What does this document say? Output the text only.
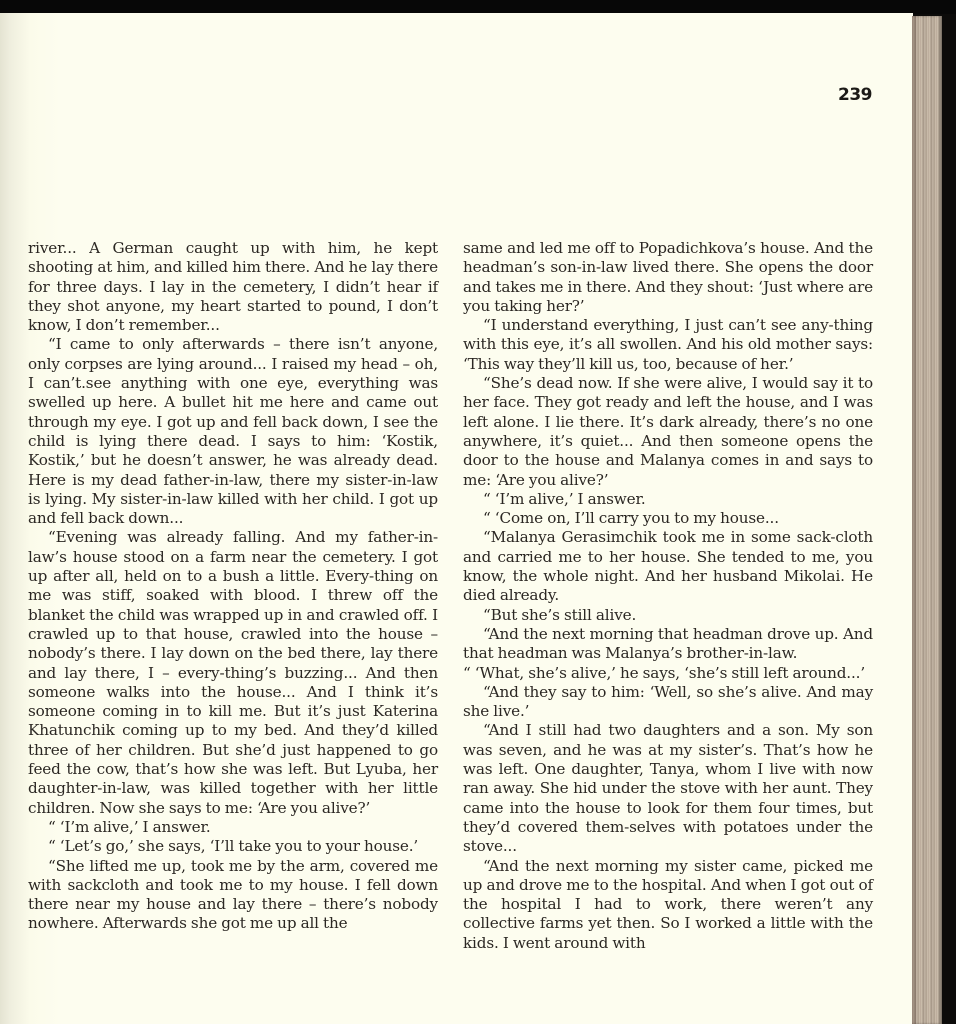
239

river... A German caught up with him, he kept shooting at him, and killed him there. And he lay there for three days. I lay in the cemetery, I didn’t hear if they shot anyone, my heart started to pound, I don’t know, I don’t remember...

“I came to only afterwards – there isn’t anyone, only corpses are lying around... I raised my head – oh, I can’t.see anything with one eye, everything was swelled up here. A bullet hit me here and came out through my eye. I got up and fell back down, I see the child is lying there dead. I says to him: ‘Kostik, Kostik,’ but he doesn’t answer, he was already dead. Here is my dead father-in-law, there my sister-in-law is lying. My sister-in-law killed with her child. I got up and fell back down...

“Evening was already falling. And my father-in-law’s house stood on a farm near the cemetery. I got up after all, held on to a bush a little. Every-thing on me was stiff, soaked with blood. I threw off the blanket the child was wrapped up in and crawled off. I crawled up to that house, crawled into the house – nobody’s there. I lay down on the bed there, lay there and lay there, I – every-thing’s buzzing... And then someone walks into the house... And I think it’s someone coming in to kill me. But it’s just Katerina Khatunchik coming up to my bed. And they’d killed three of her children. But she’d just happened to go feed the cow, that’s how she was left. But Lyuba, her daughter-in-law, was killed together with her little children. Now she says to me: ‘Are you alive?’

“ ‘I’m alive,’ I answer.

“ ‘Let’s go,’ she says, ‘I’ll take you to your house.’

“She lifted me up, took me by the arm, covered me with sackcloth and took me to my house. I fell down there near my house and lay there – there’s nobody nowhere. Afterwards she got me up all the

same and led me off to Popadichkova’s house. And the headman’s son-in-law lived there. She opens the door and takes me in there. And they shout: ‘Just where are you taking her?’

“I understand everything, I just can’t see any-thing with this eye, it’s all swollen. And his old mother says: ‘This way they’ll kill us, too, because of her.’

“She’s dead now. If she were alive, I would say it to her face. They got ready and left the house, and I was left alone. I lie there. It’s dark already, there’s no one anywhere, it’s quiet... And then someone opens the door to the house and Malanya comes in and says to me: ‘Are you alive?’

“ ‘I’m alive,’ I answer.

“ ‘Come on, I’ll carry you to my house...

“Malanya Gerasimchik took me in some sack-cloth and carried me to her house. She tended to me, you know, the whole night. And her husband Mikolai. He died already.

“But she’s still alive.

“And the next morning that headman drove up. And that headman was Malanya’s brother-in-law.

“ ‘What, she’s alive,’ he says, ‘she’s still left around...’

“And they say to him: ‘Well, so she’s alive. And may she live.’

“And I still had two daughters and a son. My son was seven, and he was at my sister’s. That’s how he was left. One daughter, Tanya, whom I live with now ran away. She hid under the stove with her aunt. They came into the house to look for them four times, but they’d covered them-selves with potatoes under the stove...

“And the next morning my sister came, picked me up and drove me to the hospital. And when I got out of the hospital I had to work, there weren’t any collective farms yet then. So I worked a little with the kids. I went around with
